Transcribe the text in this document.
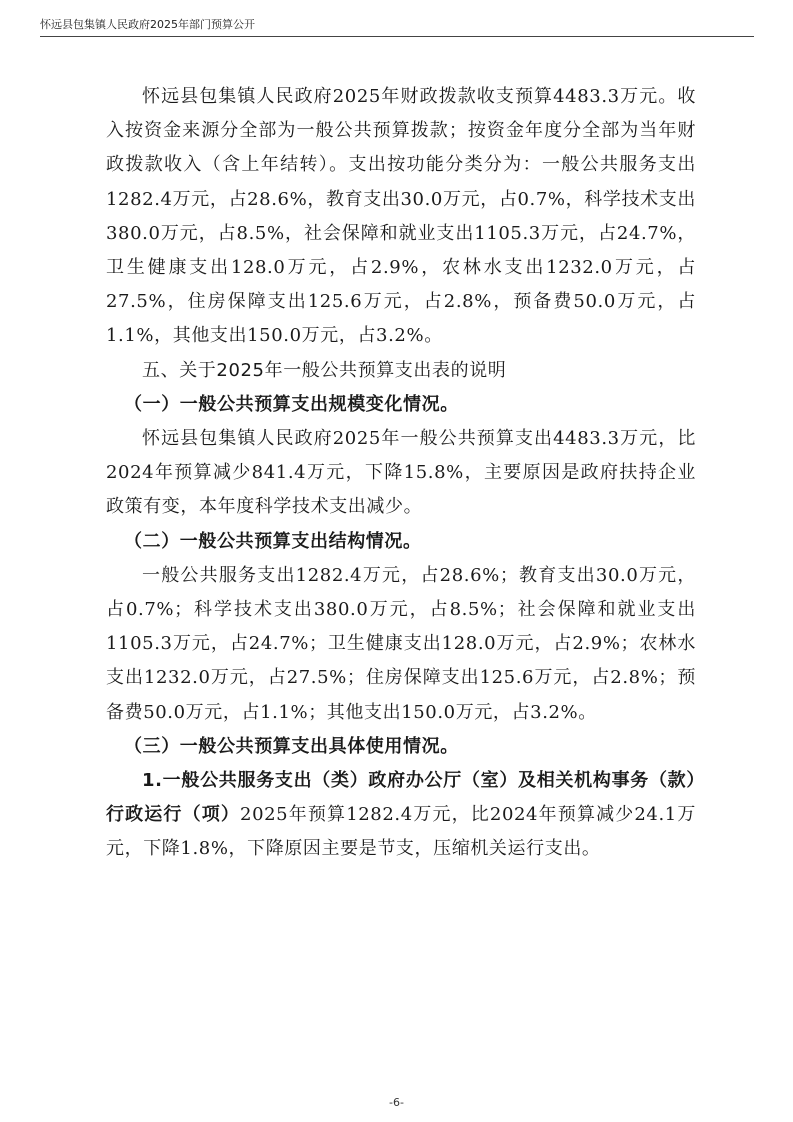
怀远县包集镇人民政府2025年部门预算公开

怀远县包集镇人民政府2025年财政拨款收支预算4483.3万元。收入按资金来源分全部为一般公共预算拨款；按资金年度分全部为当年财政拨款收入（含上年结转）。支出按功能分类分为：一般公共服务支出1282.4万元，占28.6%，教育支出30.0万元，占0.7%，科学技术支出380.0万元，占8.5%，社会保障和就业支出1105.3万元，占24.7%，卫生健康支出128.0万元，占2.9%，农林水支出1232.0万元，占27.5%，住房保障支出125.6万元，占2.8%，预备费50.0万元，占1.1%，其他支出150.0万元，占3.2%。

五、关于2025年一般公共预算支出表的说明

（一）一般公共预算支出规模变化情况。

怀远县包集镇人民政府2025年一般公共预算支出4483.3万元，比2024年预算减少841.4万元，下降15.8%，主要原因是政府扶持企业政策有变，本年度科学技术支出减少。

（二）一般公共预算支出结构情况。

一般公共服务支出1282.4万元，占28.6%；教育支出30.0万元，占0.7%；科学技术支出380.0万元，占8.5%；社会保障和就业支出1105.3万元，占24.7%；卫生健康支出128.0万元，占2.9%；农林水支出1232.0万元，占27.5%；住房保障支出125.6万元，占2.8%；预备费50.0万元，占1.1%；其他支出150.0万元，占3.2%。

（三）一般公共预算支出具体使用情况。

1.一般公共服务支出（类）政府办公厅（室）及相关机构事务（款）行政运行（项）2025年预算1282.4万元，比2024年预算减少24.1万元，下降1.8%，下降原因主要是节支，压缩机关运行支出。

-6-
